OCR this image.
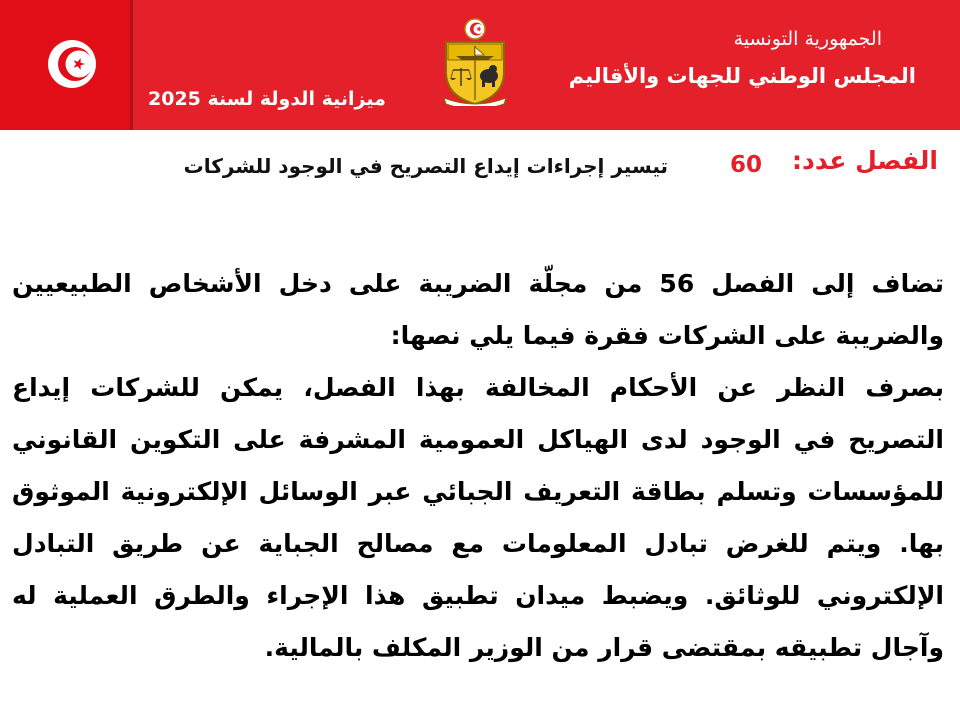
الجمهورية التونسية
المجلس الوطني للجهات والأقاليم
ميزانية الدولة لسنة 2025
الفصل عدد:
60
تيسير إجراءات إيداع التصريح في الوجود للشركات

تضاف إلى الفصل 56 من مجلّة الضريبة على دخل الأشخاص الطبيعيين والضريبة على الشركات فقرة فيما يلي نصها:

بصرف النظر عن الأحكام المخالفة بهذا الفصل، يمكن للشركات إيداع التصريح في الوجود لدى الهياكل العمومية المشرفة على التكوين القانوني للمؤسسات وتسلم بطاقة التعريف الجبائي عبر الوسائل الإلكترونية الموثوق بها. ويتم للغرض تبادل المعلومات مع مصالح الجباية عن طريق التبادل الإلكتروني للوثائق. ويضبط ميدان تطبيق هذا الإجراء والطرق العملية له وآجال تطبيقه بمقتضى قرار من الوزير المكلف بالمالية.
